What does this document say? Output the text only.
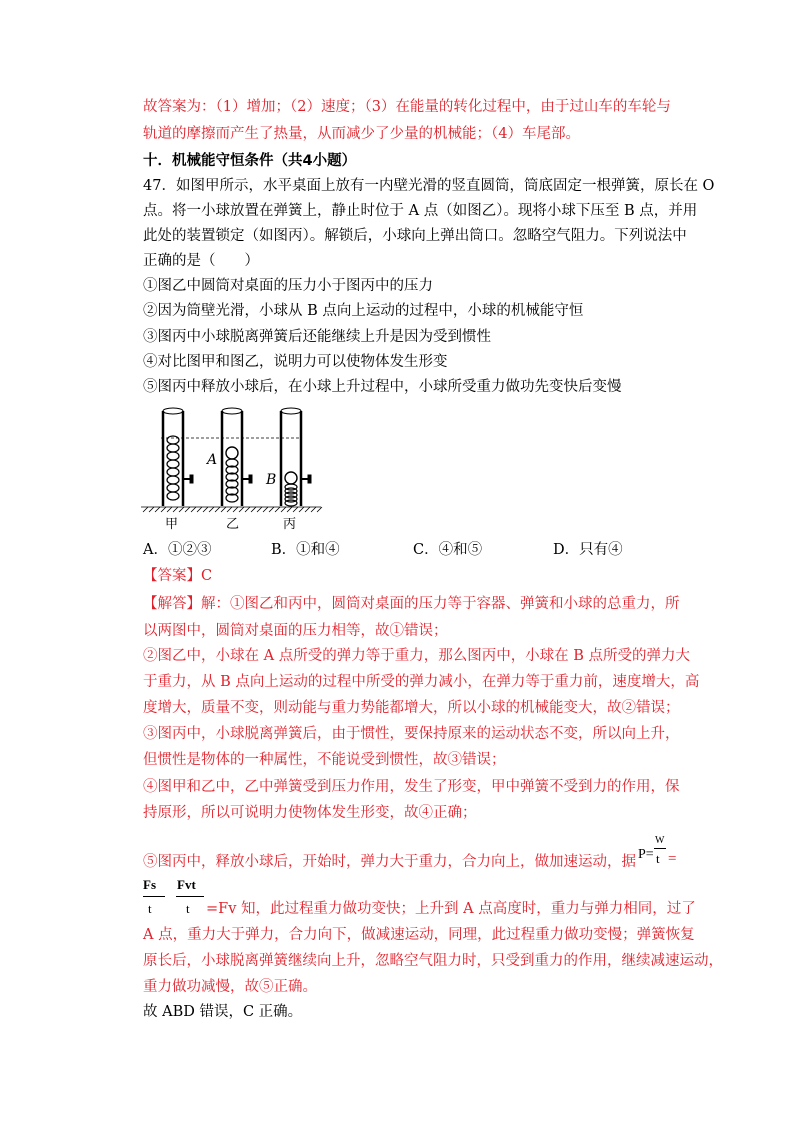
故答案为：（1）增加；（2）速度；（3）在能量的转化过程中，由于过山车的车轮与
轨道的摩擦而产生了热量，从而减少了少量的机械能；（4）车尾部。
十．机械能守恒条件（共4小题）
47．如图甲所示，水平桌面上放有一内壁光滑的竖直圆筒，筒底固定一根弹簧，原长在 O
点。将一小球放置在弹簧上，静止时位于 A 点（如图乙）。现将小球下压至 B 点，并用
此处的装置锁定（如图丙）。解锁后，小球向上弹出筒口。忽略空气阻力。下列说法中
正确的是（　　）
①图乙中圆筒对桌面的压力小于图丙中的压力
②因为筒壁光滑，小球从 B 点向上运动的过程中，小球的机械能守恒
③图丙中小球脱离弹簧后还能继续上升是因为受到惯性
④对比图甲和图乙，说明力可以使物体发生形变
⑤图丙中释放小球后，在小球上升过程中，小球所受重力做功先变快后变慢
A
B
甲	乙	丙
A．①②③	B．①和④	C．④和⑤	D．只有④
【答案】C
【解答】解：①图乙和丙中，圆筒对桌面的压力等于容器、弹簧和小球的总重力，所
以两图中，圆筒对桌面的压力相等，故①错误；
②图乙中，小球在 A 点所受的弹力等于重力，那么图丙中，小球在 B 点所受的弹力大
于重力，从 B 点向上运动的过程中所受的弹力减小，在弹力等于重力前，速度增大，高
度增大，质量不变，则动能与重力势能都增大，所以小球的机械能变大，故②错误；
③图丙中，小球脱离弹簧后，由于惯性，要保持原来的运动状态不变，所以向上升，
但惯性是物体的一种属性，不能说受到惯性，故③错误；
④图甲和乙中，乙中弹簧受到压力作用，发生了形变，甲中弹簧不受到力的作用，保
持原形，所以可说明力使物体发生形变，故④正确；
⑤图丙中，释放小球后，开始时，弹力大于重力，合力向上，做加速运动，据 P=
W
t =
Fs Fvt
t	t =Fv 知，此过程重力做功变快；上升到 A 点高度时，重力与弹力相同，过了
A 点，重力大于弹力，合力向下，做减速运动，同理，此过程重力做功变慢；弹簧恢复
原长后，小球脱离弹簧继续向上升，忽略空气阻力时，只受到重力的作用，继续减速运动，
重力做功减慢，故⑤正确。
故 ABD 错误，C 正确。
